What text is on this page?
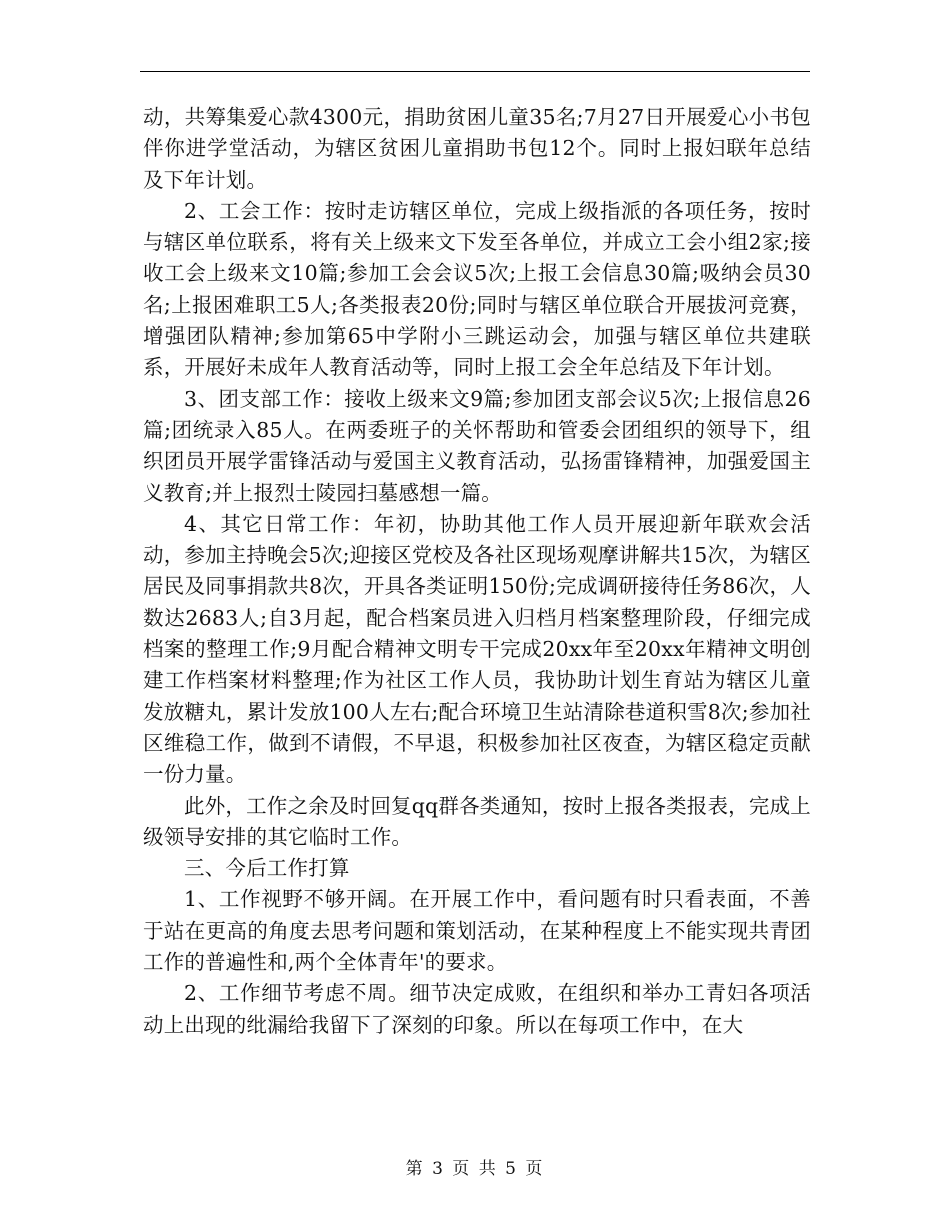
动，共筹集爱心款4300元，捐助贫困儿童35名;7月27日开展爱心小书包伴你进学堂活动，为辖区贫困儿童捐助书包12个。同时上报妇联年总结及下年计划。

2、工会工作：按时走访辖区单位，完成上级指派的各项任务，按时与辖区单位联系，将有关上级来文下发至各单位，并成立工会小组2家;接收工会上级来文10篇;参加工会会议5次;上报工会信息30篇;吸纳会员30名;上报困难职工5人;各类报表20份;同时与辖区单位联合开展拔河竞赛，增强团队精神;参加第65中学附小三跳运动会，加强与辖区单位共建联系，开展好未成年人教育活动等，同时上报工会全年总结及下年计划。

3、团支部工作：接收上级来文9篇;参加团支部会议5次;上报信息26篇;团统录入85人。在两委班子的关怀帮助和管委会团组织的领导下，组织团员开展学雷锋活动与爱国主义教育活动，弘扬雷锋精神，加强爱国主义教育;并上报烈士陵园扫墓感想一篇。

4、其它日常工作：年初，协助其他工作人员开展迎新年联欢会活动，参加主持晚会5次;迎接区党校及各社区现场观摩讲解共15次，为辖区居民及同事捐款共8次，开具各类证明150份;完成调研接待任务86次，人数达2683人;自3月起，配合档案员进入归档月档案整理阶段，仔细完成档案的整理工作;9月配合精神文明专干完成20xx年至20xx年精神文明创建工作档案材料整理;作为社区工作人员，我协助计划生育站为辖区儿童发放糖丸，累计发放100人左右;配合环境卫生站清除巷道积雪8次;参加社区维稳工作，做到不请假，不早退，积极参加社区夜查，为辖区稳定贡献一份力量。

此外，工作之余及时回复qq群各类通知，按时上报各类报表，完成上级领导安排的其它临时工作。

三、今后工作打算

1、工作视野不够开阔。在开展工作中，看问题有时只看表面，不善于站在更高的角度去思考问题和策划活动，在某种程度上不能实现共青团工作的普遍性和,两个全体青年'的要求。

2、工作细节考虑不周。细节决定成败，在组织和举办工青妇各项活动上出现的纰漏给我留下了深刻的印象。所以在每项工作中，在大

第 3 页 共 5 页
